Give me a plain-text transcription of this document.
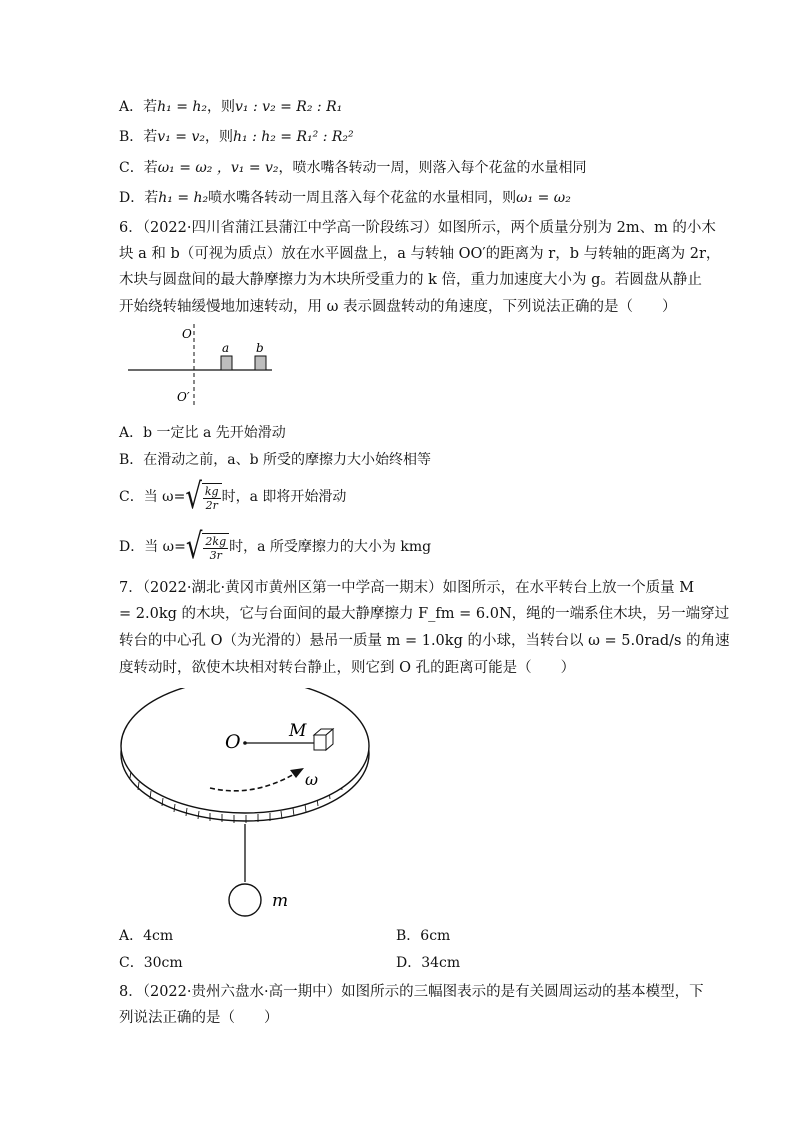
A．若h₁ = h₂，则v₁ : v₂ = R₂ : R₁
B．若v₁ = v₂，则h₁ : h₂ = R₁² : R₂²
C．若ω₁ = ω₂ ，v₁ = v₂，喷水嘴各转动一周，则落入每个花盆的水量相同
D．若h₁ = h₂喷水嘴各转动一周且落入每个花盆的水量相同，则ω₁ = ω₂
6．（2022·四川省蒲江县蒲江中学高一阶段练习）如图所示，两个质量分别为 2m、m 的小木
块 a 和 b（可视为质点）放在水平圆盘上，a 与转轴 OO′的距离为 r，b 与转轴的距离为 2r，
木块与圆盘间的最大静摩擦力为木块所受重力的 k 倍，重力加速度大小为 g。若圆盘从静止
开始绕转轴缓慢地加速转动，用 ω 表示圆盘转动的角速度，下列说法正确的是（　　）
O
O′
a b
A．b 一定比 a 先开始滑动
B．在滑动之前，a、b 所受的摩擦力大小始终相等
C．当 ω= √ $\frac{kg}{2r}$ 时，a 即将开始滑动
D．当 ω= √ $\frac{2kg}{3r}$ 时，a 所受摩擦力的大小为 kmg
7．（2022·湖北·黄冈市黄州区第一中学高一期末）如图所示，在水平转台上放一个质量 M
= 2.0kg 的木块，它与台面间的最大静摩擦力 F_fm = 6.0N，绳的一端系住木块，另一端穿过
转台的中心孔 O（为光滑的）悬吊一质量 m = 1.0kg 的小球，当转台以 ω = 5.0rad/s 的角速
度转动时，欲使木块相对转台静止，则它到 O 孔的距离可能是（　　）
O	M
ω
m
A．4cm	B．6cm
C．30cm	D．34cm
8．（2022·贵州六盘水·高一期中）如图所示的三幅图表示的是有关圆周运动的基本模型，下
列说法正确的是（　　）
